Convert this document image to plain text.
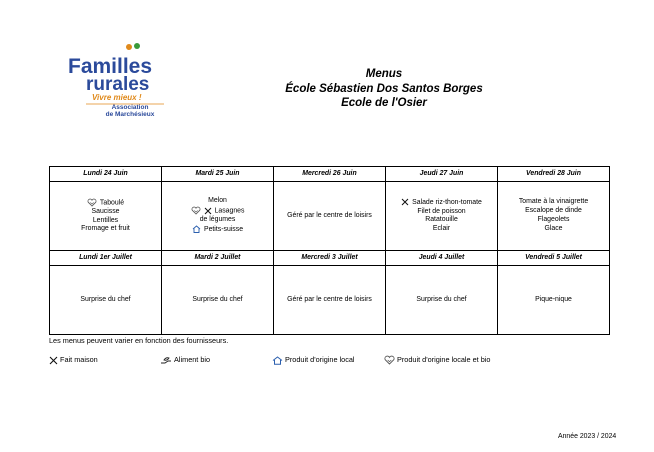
Familles
rurales
Vivre mieux !
Association
de Marchésieux
Menus
École Sébastien Dos Santos Borges
Ecole de l'Osier
Lundi 24 Juin	Mardi 25 Juin	Mercredi 26 Juin	Jeudi 27 Juin	Vendredi 28 Juin

Taboulé
Saucisse
Lentilles
Fromage et fruit	Melon
Lasagnes
de légumes
Petits-suisse	Géré par le centre de loisirs	Salade riz-thon-tomate
Filet de poisson
Ratatouille
Eclair	Tomate à la vinaigrette
Escalope de dinde
Flageolets
Glace

Lundi 1er Juillet	Mardi 2 Juillet	Mercredi 3 Juillet	Jeudi 4 Juillet	Vendredi 5 Juillet
Surprise du chef	Surprise du chef	Géré par le centre de loisirs	Surprise du chef	Pique-nique
Les menus peuvent varier en fonction des fournisseurs.
Fait maison	Aliment bio	Produit d'origine local	Produit d'origine locale et bio
Année 2023 / 2024
